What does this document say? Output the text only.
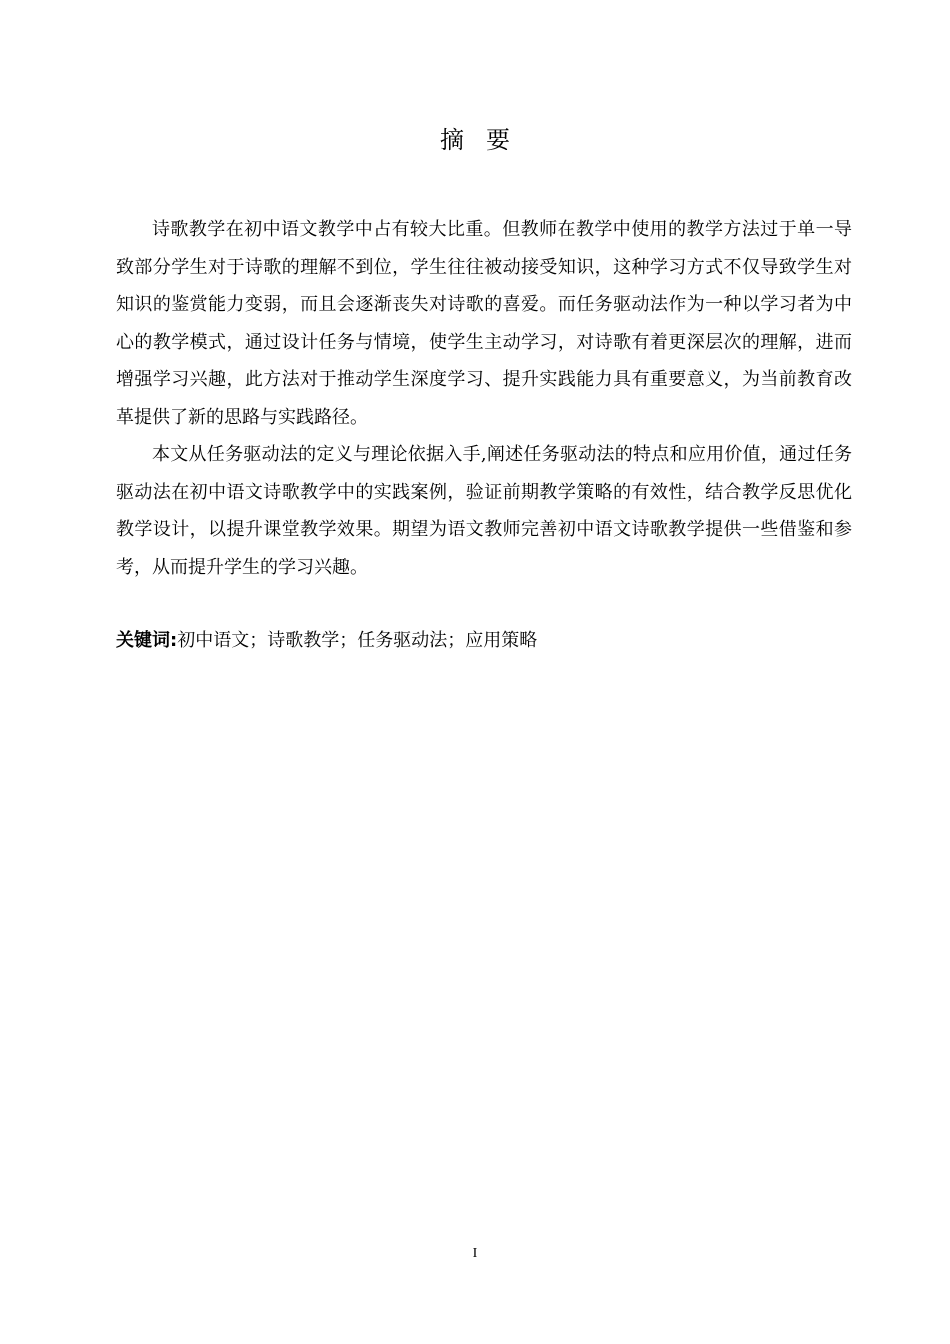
摘要

诗歌教学在初中语文教学中占有较大比重。但教师在教学中使用的教学方法过于单一导致部分学生对于诗歌的理解不到位，学生往往被动接受知识，这种学习方式不仅导致学生对知识的鉴赏能力变弱，而且会逐渐丧失对诗歌的喜爱。而任务驱动法作为一种以学习者为中心的教学模式，通过设计任务与情境，使学生主动学习，对诗歌有着更深层次的理解，进而增强学习兴趣，此方法对于推动学生深度学习、提升实践能力具有重要意义，为当前教育改革提供了新的思路与实践路径。

本文从任务驱动法的定义与理论依据入手,阐述任务驱动法的特点和应用价值，通过任务驱动法在初中语文诗歌教学中的实践案例，验证前期教学策略的有效性，结合教学反思优化教学设计，以提升课堂教学效果。期望为语文教师完善初中语文诗歌教学提供一些借鉴和参考，从而提升学生的学习兴趣。

关键词:初中语文；诗歌教学；任务驱动法；应用策略

I
